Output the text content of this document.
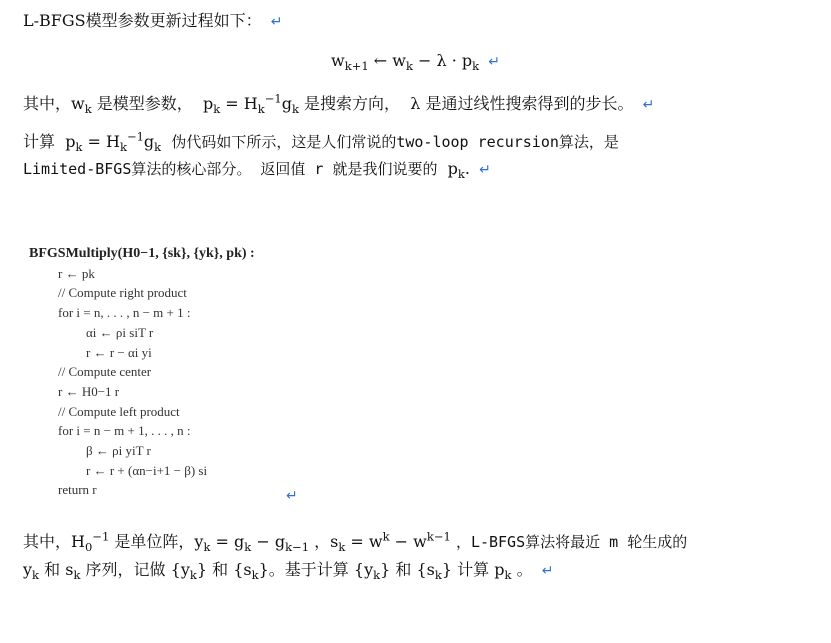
L-BFGS模型参数更新过程如下： ↵
$w_{k+1}$ ← $w_k - \lambda \cdot p_k$ ↵
其中，$w_k$ 是模型参数， $p_k = H_k^{-1}g_k$ 是搜索方向， λ 是通过线性搜索得到的步长。 ↵
计算 $p_k = H_k^{-1}g_k$ 伪代码如下所示，这是人们常说的two-loop recursion算法，是
Limited-BFGS算法的核心部分。 返回值 r 就是我们说要的 $p_k$. ↵
BFGSMultiply(H0−1, {sk}, {yk}, pk) :
r ← pk
// Compute right product
for i = n, . . . , n − m + 1 :
αi ← ρi siT r
r ← r − αi yi
// Compute center
r ← H0−1 r
// Compute left product
for i = n − m + 1, . . . , n :
β ← ρi yiT r
r ← r + (αn−i+1 − β) si
return r	↵
其中，$H_0^{-1}$ 是单位阵，$y_k = g_k - g_{k-1}$ ，$s_k = w^k - w^{k-1}$ ，L-BFGS算法将最近 m 轮生成的
$y_k$ 和 $s_k$ 序列，记做 $\{y_k\}$ 和 $\{s_k\}$。基于计算 $\{y_k\}$ 和 $\{s_k\}$ 计算 $p_k$ 。 ↵
